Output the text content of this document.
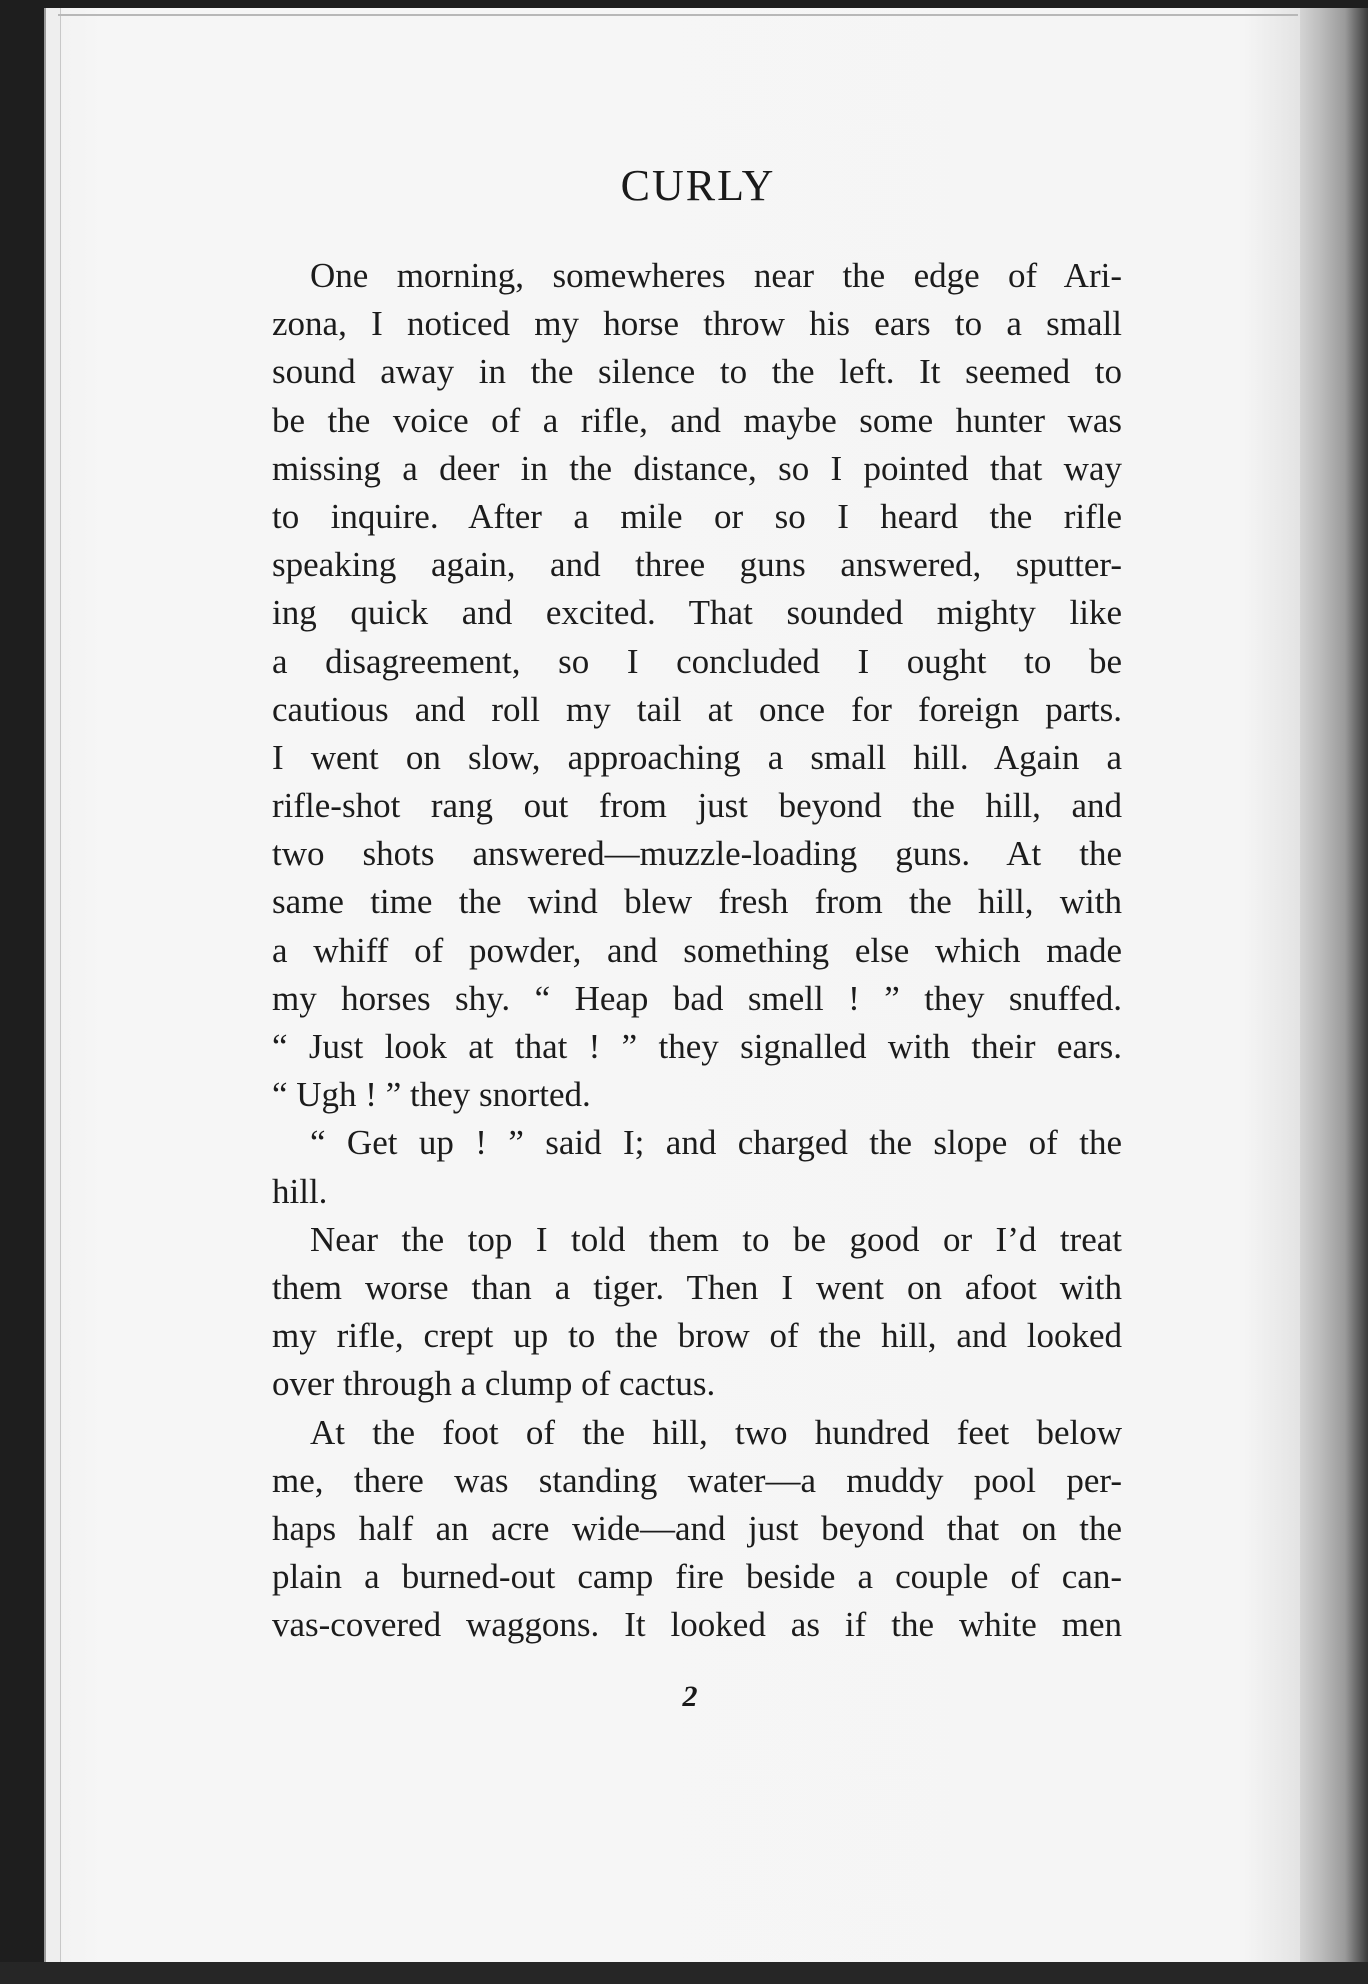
CURLY
One morning, somewheres near the edge of Ari-
zona, I noticed my horse throw his ears to a small
sound away in the silence to the left. It seemed to
be the voice of a rifle, and maybe some hunter was
missing a deer in the distance, so I pointed that way
to inquire. After a mile or so I heard the rifle
speaking again, and three guns answered, sputter-
ing quick and excited. That sounded mighty like
a disagreement, so I concluded I ought to be
cautious and roll my tail at once for foreign parts.
I went on slow, approaching a small hill. Again a
rifle-shot rang out from just beyond the hill, and
two shots answered—muzzle-loading guns. At the
same time the wind blew fresh from the hill, with
a whiff of powder, and something else which made
my horses shy. “ Heap bad smell ! ” they snuffed.
“ Just look at that ! ” they signalled with their ears.
“ Ugh ! ” they snorted.
“ Get up ! ” said I; and charged the slope of the
hill.
Near the top I told them to be good or I’d treat
them worse than a tiger. Then I went on afoot with
my rifle, crept up to the brow of the hill, and looked
over through a clump of cactus.
At the foot of the hill, two hundred feet below
me, there was standing water—a muddy pool per-
haps half an acre wide—and just beyond that on the
plain a burned-out camp fire beside a couple of can-
vas-covered waggons. It looked as if the white men
2
